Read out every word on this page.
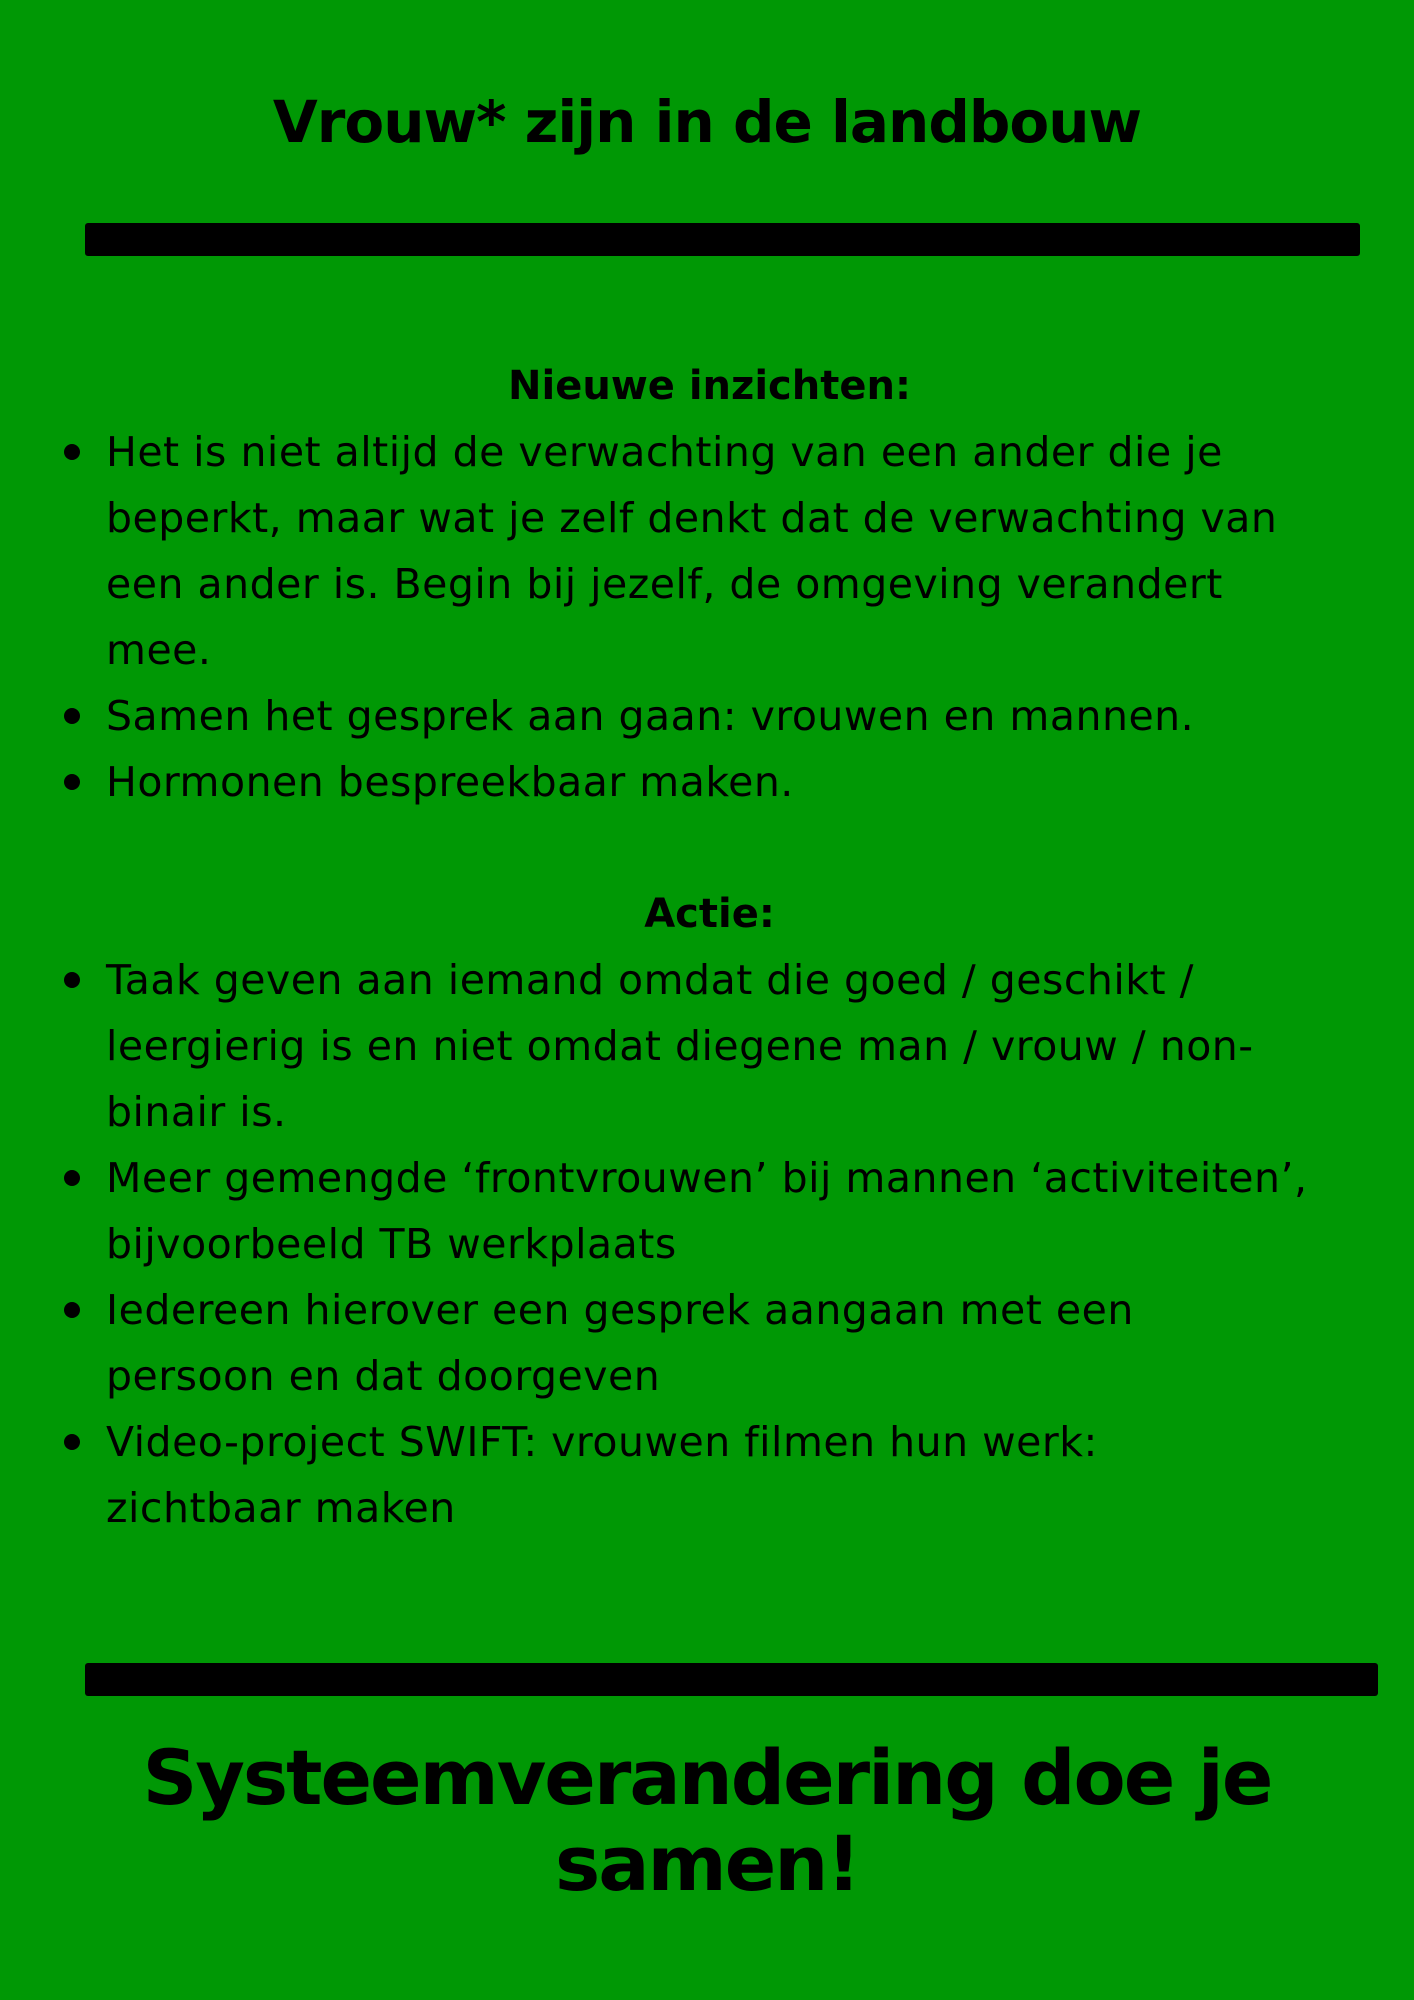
Vrouw* zijn in de landbouw
Nieuwe inzichten:
Het is niet altijd de verwachting van een ander die je
beperkt, maar wat je zelf denkt dat de verwachting van
een ander is. Begin bij jezelf, de omgeving verandert
mee.
Samen het gesprek aan gaan: vrouwen en mannen.
Hormonen bespreekbaar maken.
Actie:
Taak geven aan iemand omdat die goed / geschikt /
leergierig is en niet omdat diegene man / vrouw / non-
binair is.
Meer gemengde ‘frontvrouwen’ bij mannen ‘activiteiten’,
bijvoorbeeld TB werkplaats
Iedereen hierover een gesprek aangaan met een
persoon en dat doorgeven
Video-project SWIFT: vrouwen filmen hun werk:
zichtbaar maken
Systeemverandering doe je
samen!
